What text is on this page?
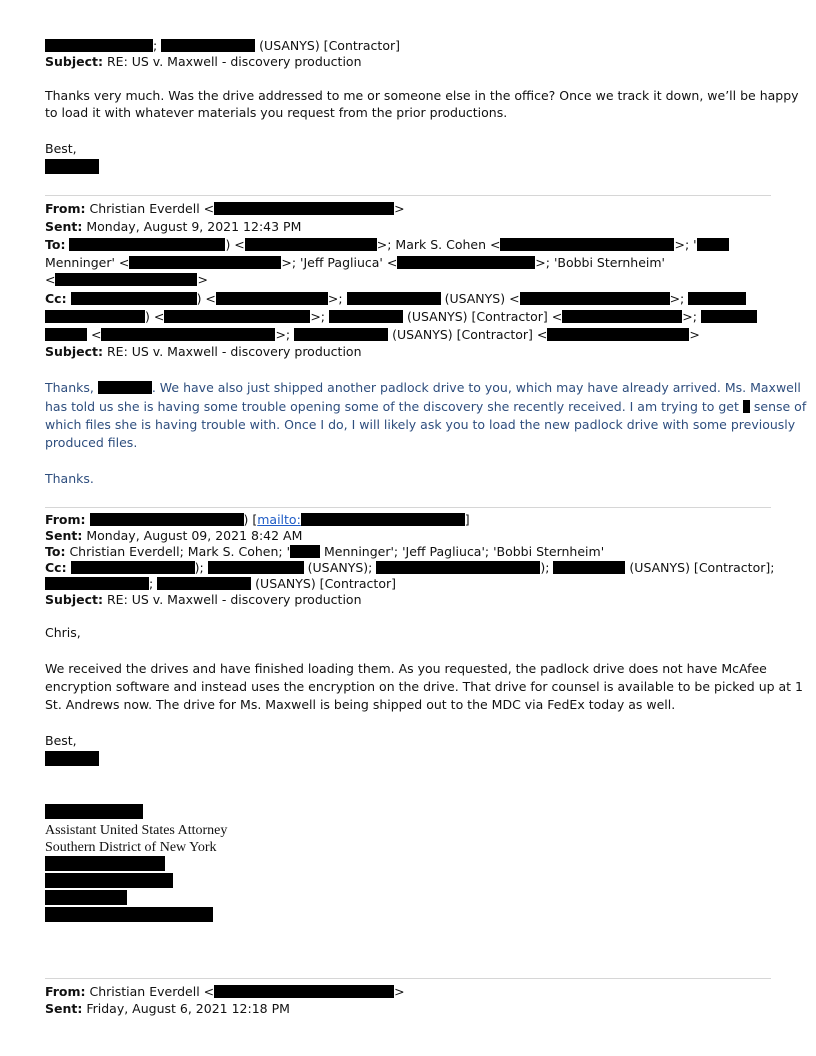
;	(USANYS) [Contractor]
Subject: RE: US v. Maxwell - discovery production
Thanks very much. Was the drive addressed to me or someone else in the office? Once we track it down, we’ll be happy
to load it with whatever materials you request from the prior productions.
Best,
From: Christian Everdell <	>
Sent: Monday, August 9, 2021 12:43 PM
To:	) <	>; Mark S. Cohen <	>; '
Menninger' <	>; 'Jeff Pagliuca' <	>; 'Bobbi Sternheim'
<	>
Cc:	) <	>;	(USANYS) <	>;
) <	>;	(USANYS) [Contractor] <	>;
<	>;	(USANYS) [Contractor] <	>
Subject: RE: US v. Maxwell - discovery production
Thanks,	. We have also just shipped another padlock drive to you, which may have already arrived. Ms. Maxwell
has told us she is having some trouble opening some of the discovery she recently received. I am trying to get sense of
which files she is having trouble with. Once I do, I will likely ask you to load the new padlock drive with some previously
produced files.
Thanks.
From:	) [mailto:	]
Sent: Monday, August 09, 2021 8:42 AM
To: Christian Everdell; Mark S. Cohen; '	Menninger'; 'Jeff Pagliuca'; 'Bobbi Sternheim'
Cc:	);	(USANYS);	);	(USANYS) [Contractor];
;	(USANYS) [Contractor]
Subject: RE: US v. Maxwell - discovery production
Chris,
We received the drives and have finished loading them. As you requested, the padlock drive does not have McAfee
encryption software and instead uses the encryption on the drive. That drive for counsel is available to be picked up at 1
St. Andrews now. The drive for Ms. Maxwell is being shipped out to the MDC via FedEx today as well.
Best,
Assistant United States Attorney
Southern District of New York
From: Christian Everdell <	>
Sent: Friday, August 6, 2021 12:18 PM
